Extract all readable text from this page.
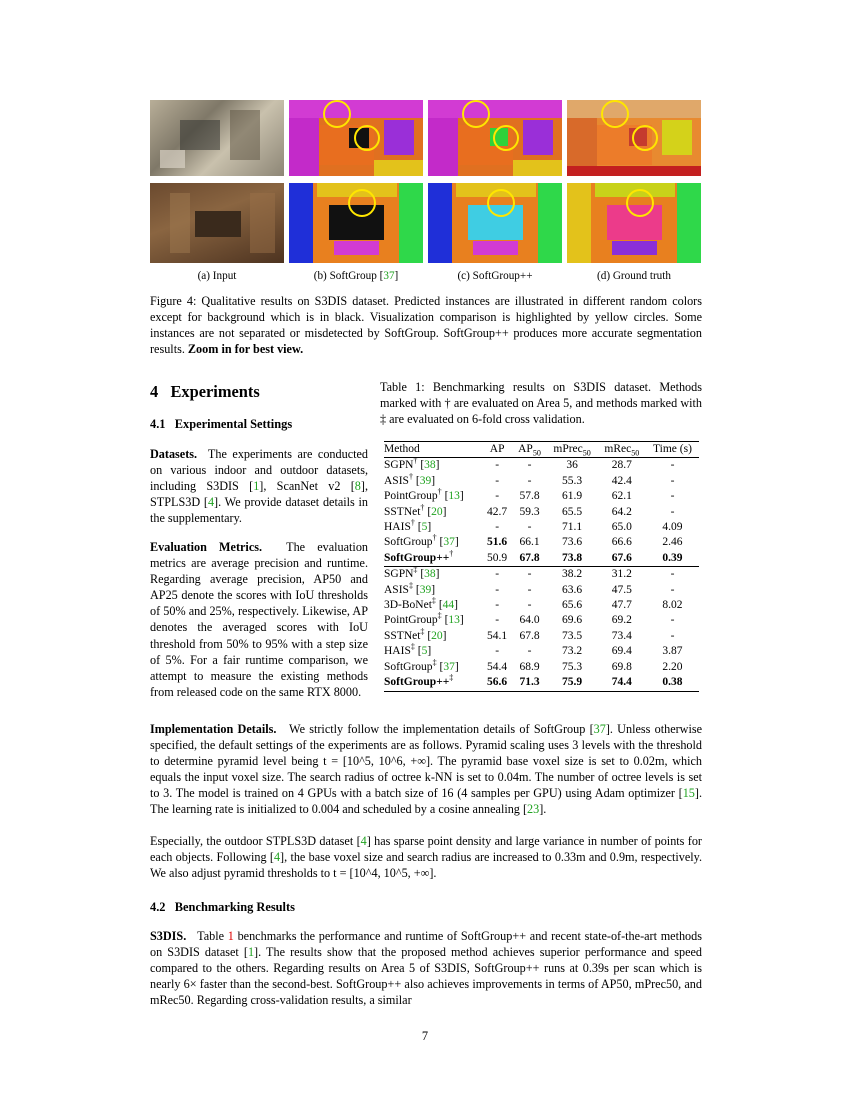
(a) Input	(b) SoftGroup [37]	(c) SoftGroup++	(d) Ground truth

Figure 4: Qualitative results on S3DIS dataset. Predicted instances are illustrated in different random colors except for background which is in black. Visualization comparison is highlighted by yellow circles. Some instances are not separated or misdetected by SoftGroup. SoftGroup++ produces more accurate segmentation results. Zoom in for best view.

4 Experiments
4.1 Experimental Settings

Datasets. The experiments are conducted on various indoor and outdoor datasets, including S3DIS [1], ScanNet v2 [8], STPLS3D [4]. We provide dataset details in the supplementary.

Evaluation Metrics. The evaluation metrics are average precision and runtime. Regarding average precision, AP50 and AP25 denote the scores with IoU thresholds of 50% and 25%, respectively. Likewise, AP denotes the averaged scores with IoU threshold from 50% to 95% with a step size of 5%. For a fair runtime comparison, we attempt to measure the existing methods from released code on the same RTX 8000.

Table 1: Benchmarking results on S3DIS dataset. Methods marked with † are evaluated on Area 5, and methods marked with ‡ are evaluated on 6-fold cross validation.

Method	AP	$AP_{50}$	mPrec$_{50}$	mRec$_{50}$	Time (s)
SGPN† [38]	-	-	36	28.7	-
ASIS† [39]	-	-	55.3	42.4	-
PointGroup† [13]	-	57.8	61.9	62.1	-
SSTNet† [20]	42.7	59.3	65.5	64.2	-
HAIS† [5]	-	-	71.1	65.0	4.09
SoftGroup† [37]	51.6	66.1	73.6	66.6	2.46
SoftGroup++†	50.9	67.8	73.8	67.6	0.39
SGPN‡ [38]	-	-	38.2	31.2	-
ASIS‡ [39]	-	-	63.6	47.5	-
3D-BoNet‡ [44]	-	-	65.6	47.7	8.02
PointGroup‡ [13]	-	64.0	69.6	69.2	-
SSTNet‡ [20]	54.1	67.8	73.5	73.4	-
HAIS‡ [5]	-	-	73.2	69.4	3.87
SoftGroup‡ [37]	54.4	68.9	75.3	69.8	2.20
SoftGroup++‡	56.6	71.3	75.9	74.4	0.38

Implementation Details. We strictly follow the implementation details of SoftGroup [37]. Unless otherwise specified, the default settings of the experiments are as follows. Pyramid scaling uses 3 levels with the threshold to determine pyramid level being t = [10^5, 10^6, +∞]. The pyramid base voxel size is set to 0.02m, which equals the input voxel size. The search radius of octree k-NN is set to 0.04m. The number of octree levels is set to 3. The model is trained on 4 GPUs with a batch size of 16 (4 samples per GPU) using Adam optimizer [15]. The learning rate is initialized to 0.004 and scheduled by a cosine annealing [23].

Especially, the outdoor STPLS3D dataset [4] has sparse point density and large variance in number of points for each objects. Following [4], the base voxel size and search radius are increased to 0.33m and 0.9m, respectively. We also adjust pyramid thresholds to t = [10^4, 10^5, +∞].

4.2 Benchmarking Results

S3DIS. Table 1 benchmarks the performance and runtime of SoftGroup++ and recent state-of-the-art methods on S3DIS dataset [1]. The results show that the proposed method achieves superior performance and speed compared to the others. Regarding results on Area 5 of S3DIS, SoftGroup++ runs at 0.39s per scan which is nearly 6× faster than the second-best. SoftGroup++ also achieves improvements in terms of AP50, mPrec50, and mRec50. Regarding cross-validation results, a similar

7
